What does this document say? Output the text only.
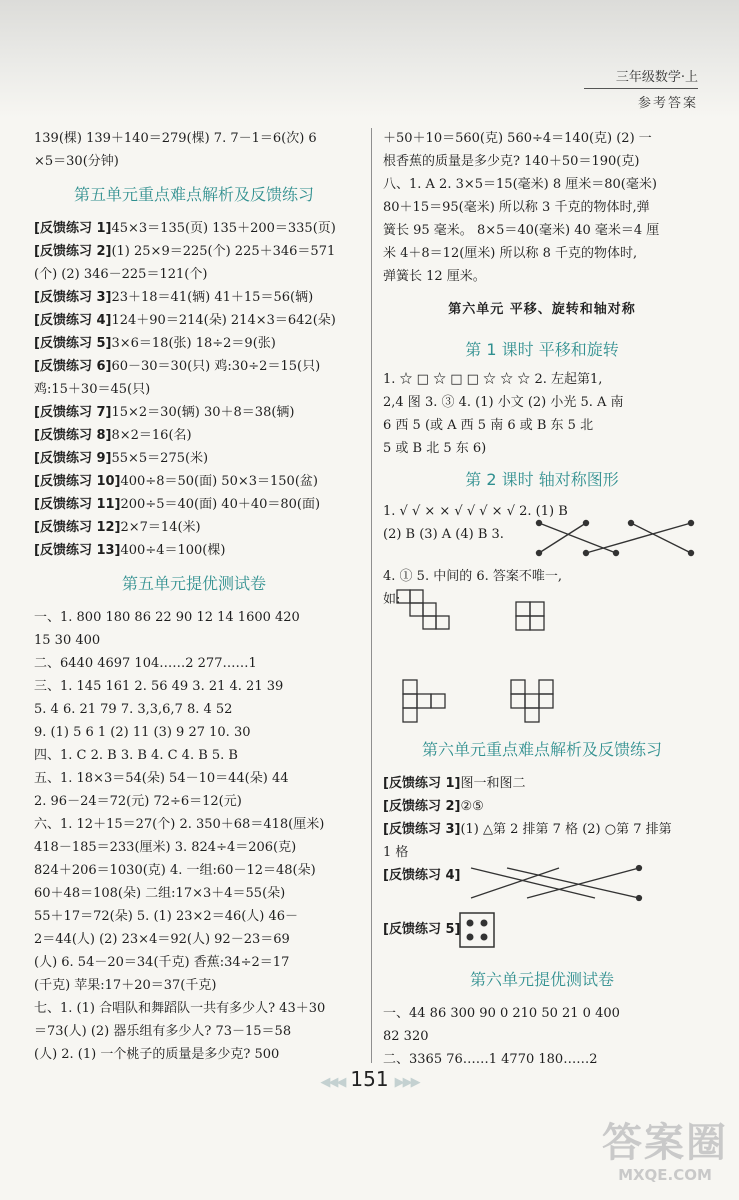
三年级数学·上
参考答案
139(棵) 139＋140＝279(棵) 7. 7－1＝6(次) 6
×5＝30(分钟)
第五单元重点难点解析及反馈练习
[反馈练习 1]45×3＝135(页) 135＋200＝335(页)
[反馈练习 2](1) 25×9＝225(个) 225＋346＝571
(个) (2) 346－225＝121(个)
[反馈练习 3]23＋18＝41(辆) 41＋15＝56(辆)
[反馈练习 4]124＋90＝214(朵) 214×3＝642(朵)
[反馈练习 5]3×6＝18(张) 18÷2＝9(张)
[反馈练习 6]60－30＝30(只) 鸡:30÷2＝15(只)
鸡:15＋30＝45(只)
[反馈练习 7]15×2＝30(辆) 30＋8＝38(辆)
[反馈练习 8]8×2＝16(名)
[反馈练习 9]55×5＝275(米)
[反馈练习 10]400÷8＝50(面) 50×3＝150(盆)
[反馈练习 11]200÷5＝40(面) 40＋40＝80(面)
[反馈练习 12]2×7＝14(米)
[反馈练习 13]400÷4＝100(棵)
第五单元提优测试卷
一、1. 800 180 86 22 90 12 14 1600 420
15 30 400
二、6440 4697 104……2 277……1
三、1. 145 161 2. 56 49 3. 21 4. 21 39
5. 4 6. 21 79 7. 3,3,6,7 8. 4 52
9. (1) 5 6 1 (2) 11 (3) 9 27 10. 30
四、1. C 2. B 3. B 4. C 4. B 5. B
五、1. 18×3＝54(朵) 54－10＝44(朵) 44
2. 96－24＝72(元) 72÷6＝12(元)
六、1. 12＋15＝27(个) 2. 350＋68＝418(厘米)
418－185＝233(厘米) 3. 824÷4＝206(克)
824＋206＝1030(克) 4. 一组:60－12＝48(朵)
60＋48＝108(朵) 二组:17×3＋4＝55(朵)
55＋17＝72(朵) 5. (1) 23×2＝46(人) 46－
2＝44(人) (2) 23×4＝92(人) 92－23＝69
(人) 6. 54－20＝34(千克) 香蕉:34÷2＝17
(千克) 苹果:17＋20＝37(千克)
七、1. (1) 合唱队和舞蹈队一共有多少人? 43＋30
＝73(人) (2) 器乐组有多少人? 73－15＝58
(人) 2. (1) 一个桃子的质量是多少克? 500
＋50＋10＝560(克) 560÷4＝140(克) (2) 一
根香蕉的质量是多少克? 140＋50＝190(克)
八、1. A 2. 3×5＝15(毫米) 8 厘米＝80(毫米)
80＋15＝95(毫米) 所以称 3 千克的物体时,弹
簧长 95 毫米。 8×5＝40(毫米) 40 毫米＝4 厘
米 4＋8＝12(厘米) 所以称 8 千克的物体时,
弹簧长 12 厘米。
第六单元 平移、旋转和轴对称
第 1 课时 平移和旋转
1. ☆ □ ☆ □ □ ☆ ☆ ☆ 2. 左起第1,
2,4 图 3. ③ 4. (1) 小文 (2) 小光 5. A 南
6 西 5 (或 A 西 5 南 6 或 B 东 5 北
5 或 B 北 5 东 6)
第 2 课时 轴对称图形
1. √ √ × × √ √ √ × √ 2. (1) B
(2) B (3) A (4) B 3.
4. ① 5. 中间的 6. 答案不唯一,
如:
第六单元重点难点解析及反馈练习
[反馈练习 1]图一和图二
[反馈练习 2]②⑤
[反馈练习 3](1) △第 2 排第 7 格 (2) ○第 7 排第
1 格
[反馈练习 4]
[反馈练习 5]
第六单元提优测试卷
一、44 86 300 90 0 210 50 21 0 400
82 320
二、3365 76……1 4770 180……2
◀◀◀ 151 ▶▶▶
答案圈
MXQE.COM
